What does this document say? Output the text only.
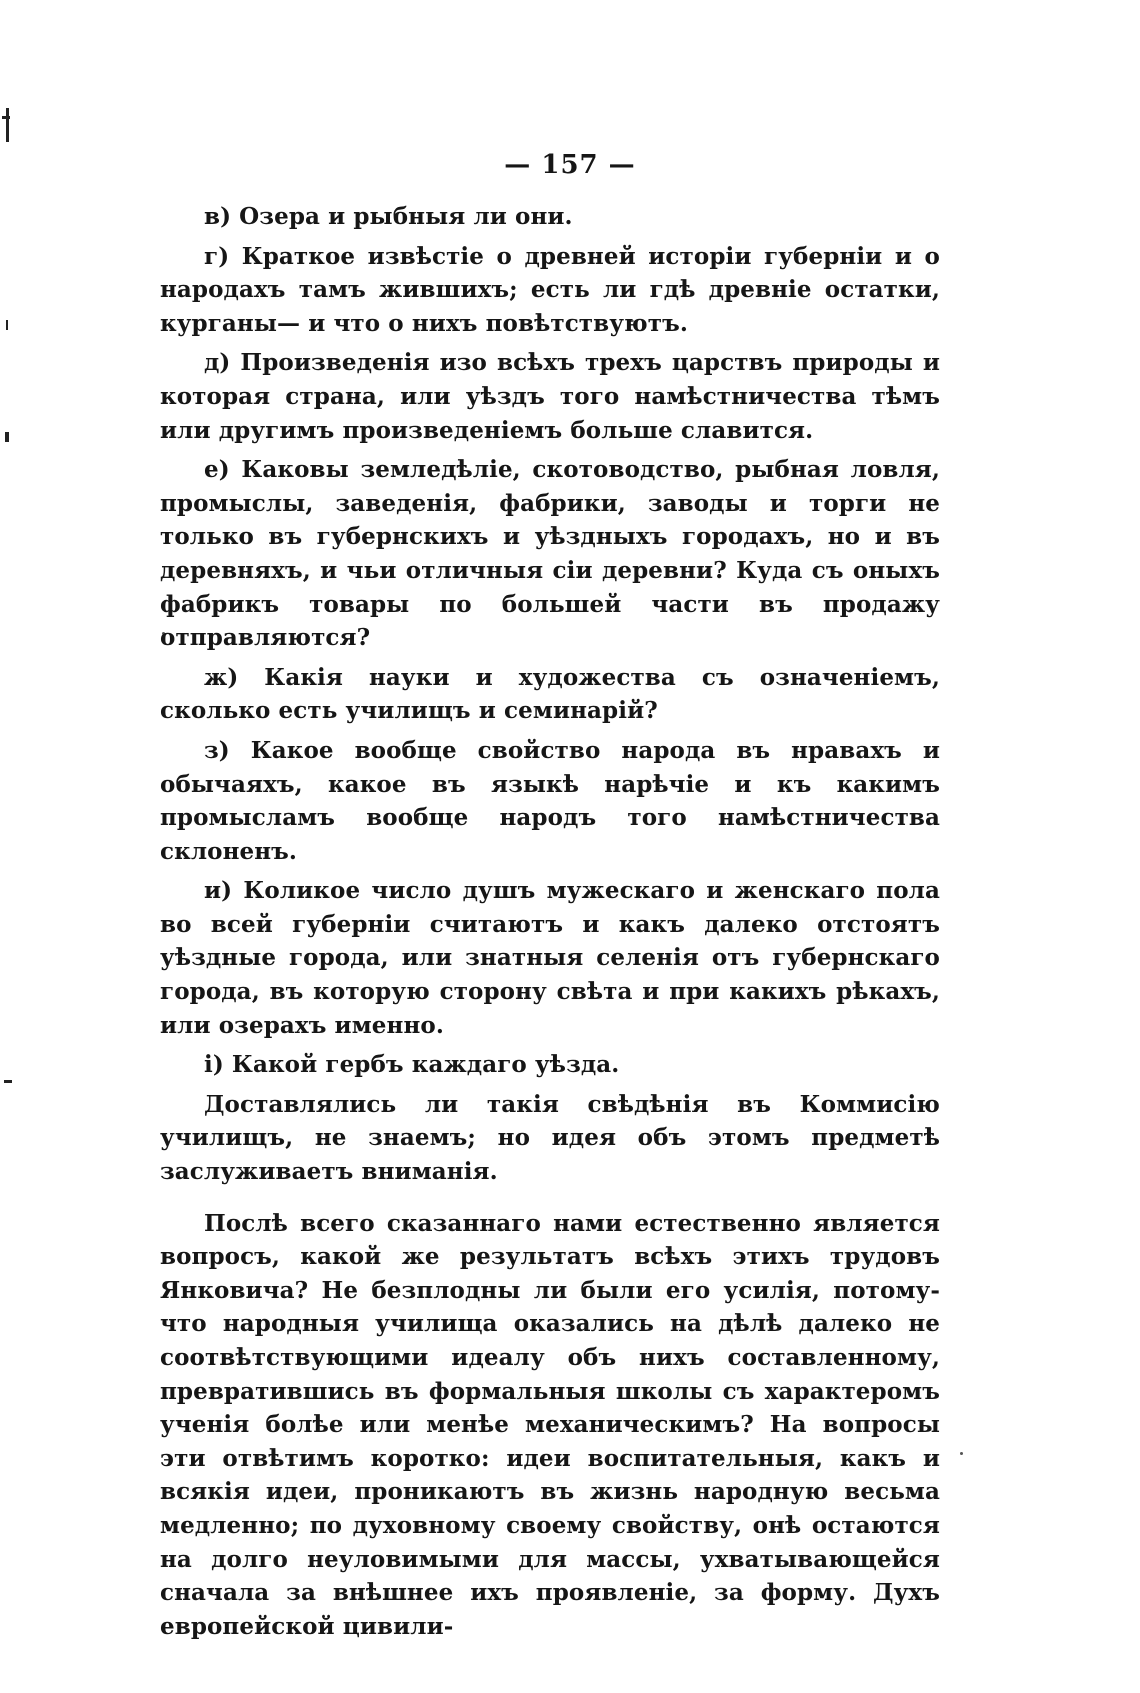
— 157 —

в) Озера и рыбныя ли они.

г) Краткое извѣстіе о древней исторіи губерніи и о народахъ тамъ жившихъ; есть ли гдѣ древніе остатки, курганы— и что о нихъ повѣтствуютъ.

д) Произведенія изо всѣхъ трехъ царствъ природы и которая страна, или уѣздъ того намѣстничества тѣмъ или другимъ произведеніемъ больше славится.

е) Каковы земледѣліе, скотоводство, рыбная ловля, промыслы, заведенія, фабрики, заводы и торги не только въ губернскихъ и уѣздныхъ городахъ, но и въ деревняхъ, и чьи отличныя сіи деревни? Куда съ оныхъ фабрикъ товары по большей части въ продажу отправляются?

ж) Какія науки и художества съ означеніемъ, сколько есть училищъ и семинарій?

з) Какое вообще свойство народа въ нравахъ и обычаяхъ, какое въ языкѣ нарѣчіе и къ какимъ промысламъ вообще народъ того намѣстничества склоненъ.

и) Коликое число душъ мужескаго и женскаго пола во всей губерніи считаютъ и какъ далеко отстоятъ уѣздные города, или знатныя селенія отъ губернскаго города, въ которую сторону свѣта и при какихъ рѣкахъ, или озерахъ именно.

і) Какой гербъ каждаго уѣзда.

Доставлялись ли такія свѣдѣнія въ Коммисію училищъ, не знаемъ; но идея объ этомъ предметѣ заслуживаетъ вниманія.

Послѣ всего сказаннаго нами естественно является вопросъ, какой же результатъ всѣхъ этихъ трудовъ Янковича? Не безплодны ли были его усилія, потому-что народныя училища оказались на дѣлѣ далеко не соотвѣтствующими идеалу объ нихъ составленному, превратившись въ формальныя школы съ характеромъ ученія болѣе или менѣе механическимъ? На вопросы эти отвѣтимъ коротко: идеи воспитательныя, какъ и всякія идеи, проникаютъ въ жизнь народную весьма медленно; по духовному своему свойству, онѣ остаются на долго неуловимыми для массы, ухватывающейся сначала за внѣшнее ихъ проявленіе, за форму. Духъ европейской цивили-
